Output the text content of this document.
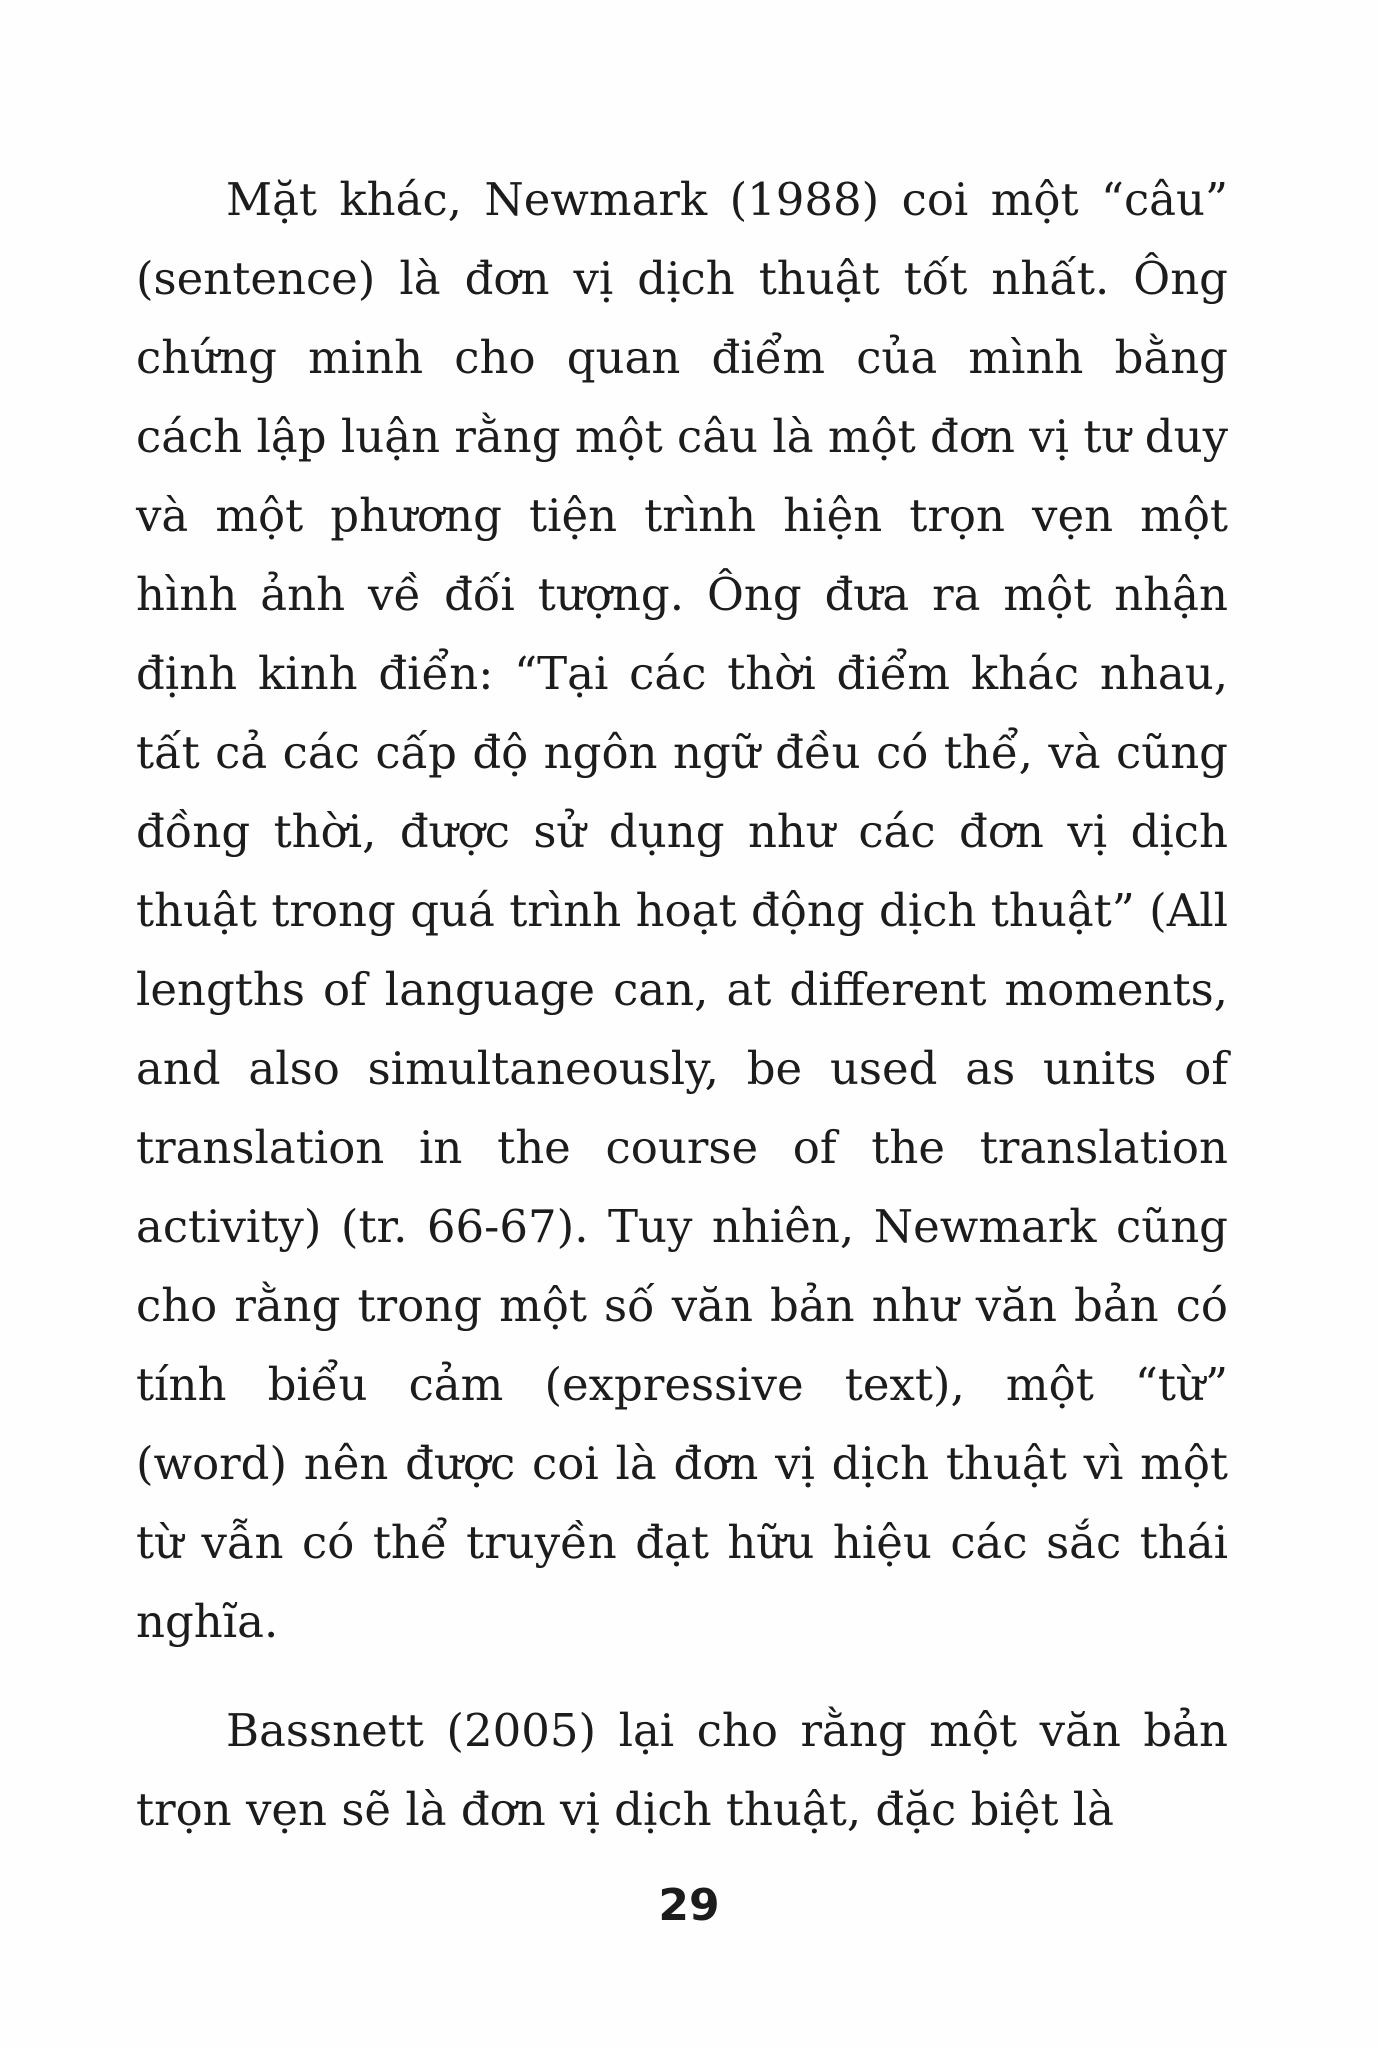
Mặt khác, Newmark (1988) coi một “câu” (sentence) là đơn vị dịch thuật tốt nhất. Ông chứng minh cho quan điểm của mình bằng cách lập luận rằng một câu là một đơn vị tư duy và một phương tiện trình hiện trọn vẹn một hình ảnh về đối tượng. Ông đưa ra một nhận định kinh điển: “Tại các thời điểm khác nhau, tất cả các cấp độ ngôn ngữ đều có thể, và cũng đồng thời, được sử dụng như các đơn vị dịch thuật trong quá trình hoạt động dịch thuật” (All lengths of language can, at different moments, and also simultaneously, be used as units of translation in the course of the translation activity) (tr. 66-67). Tuy nhiên, Newmark cũng cho rằng trong một số văn bản như văn bản có tính biểu cảm (expressive text), một “từ” (word) nên được coi là đơn vị dịch thuật vì một từ vẫn có thể truyền đạt hữu hiệu các sắc thái nghĩa.

Bassnett (2005) lại cho rằng một văn bản trọn vẹn sẽ là đơn vị dịch thuật, đặc biệt là

29
